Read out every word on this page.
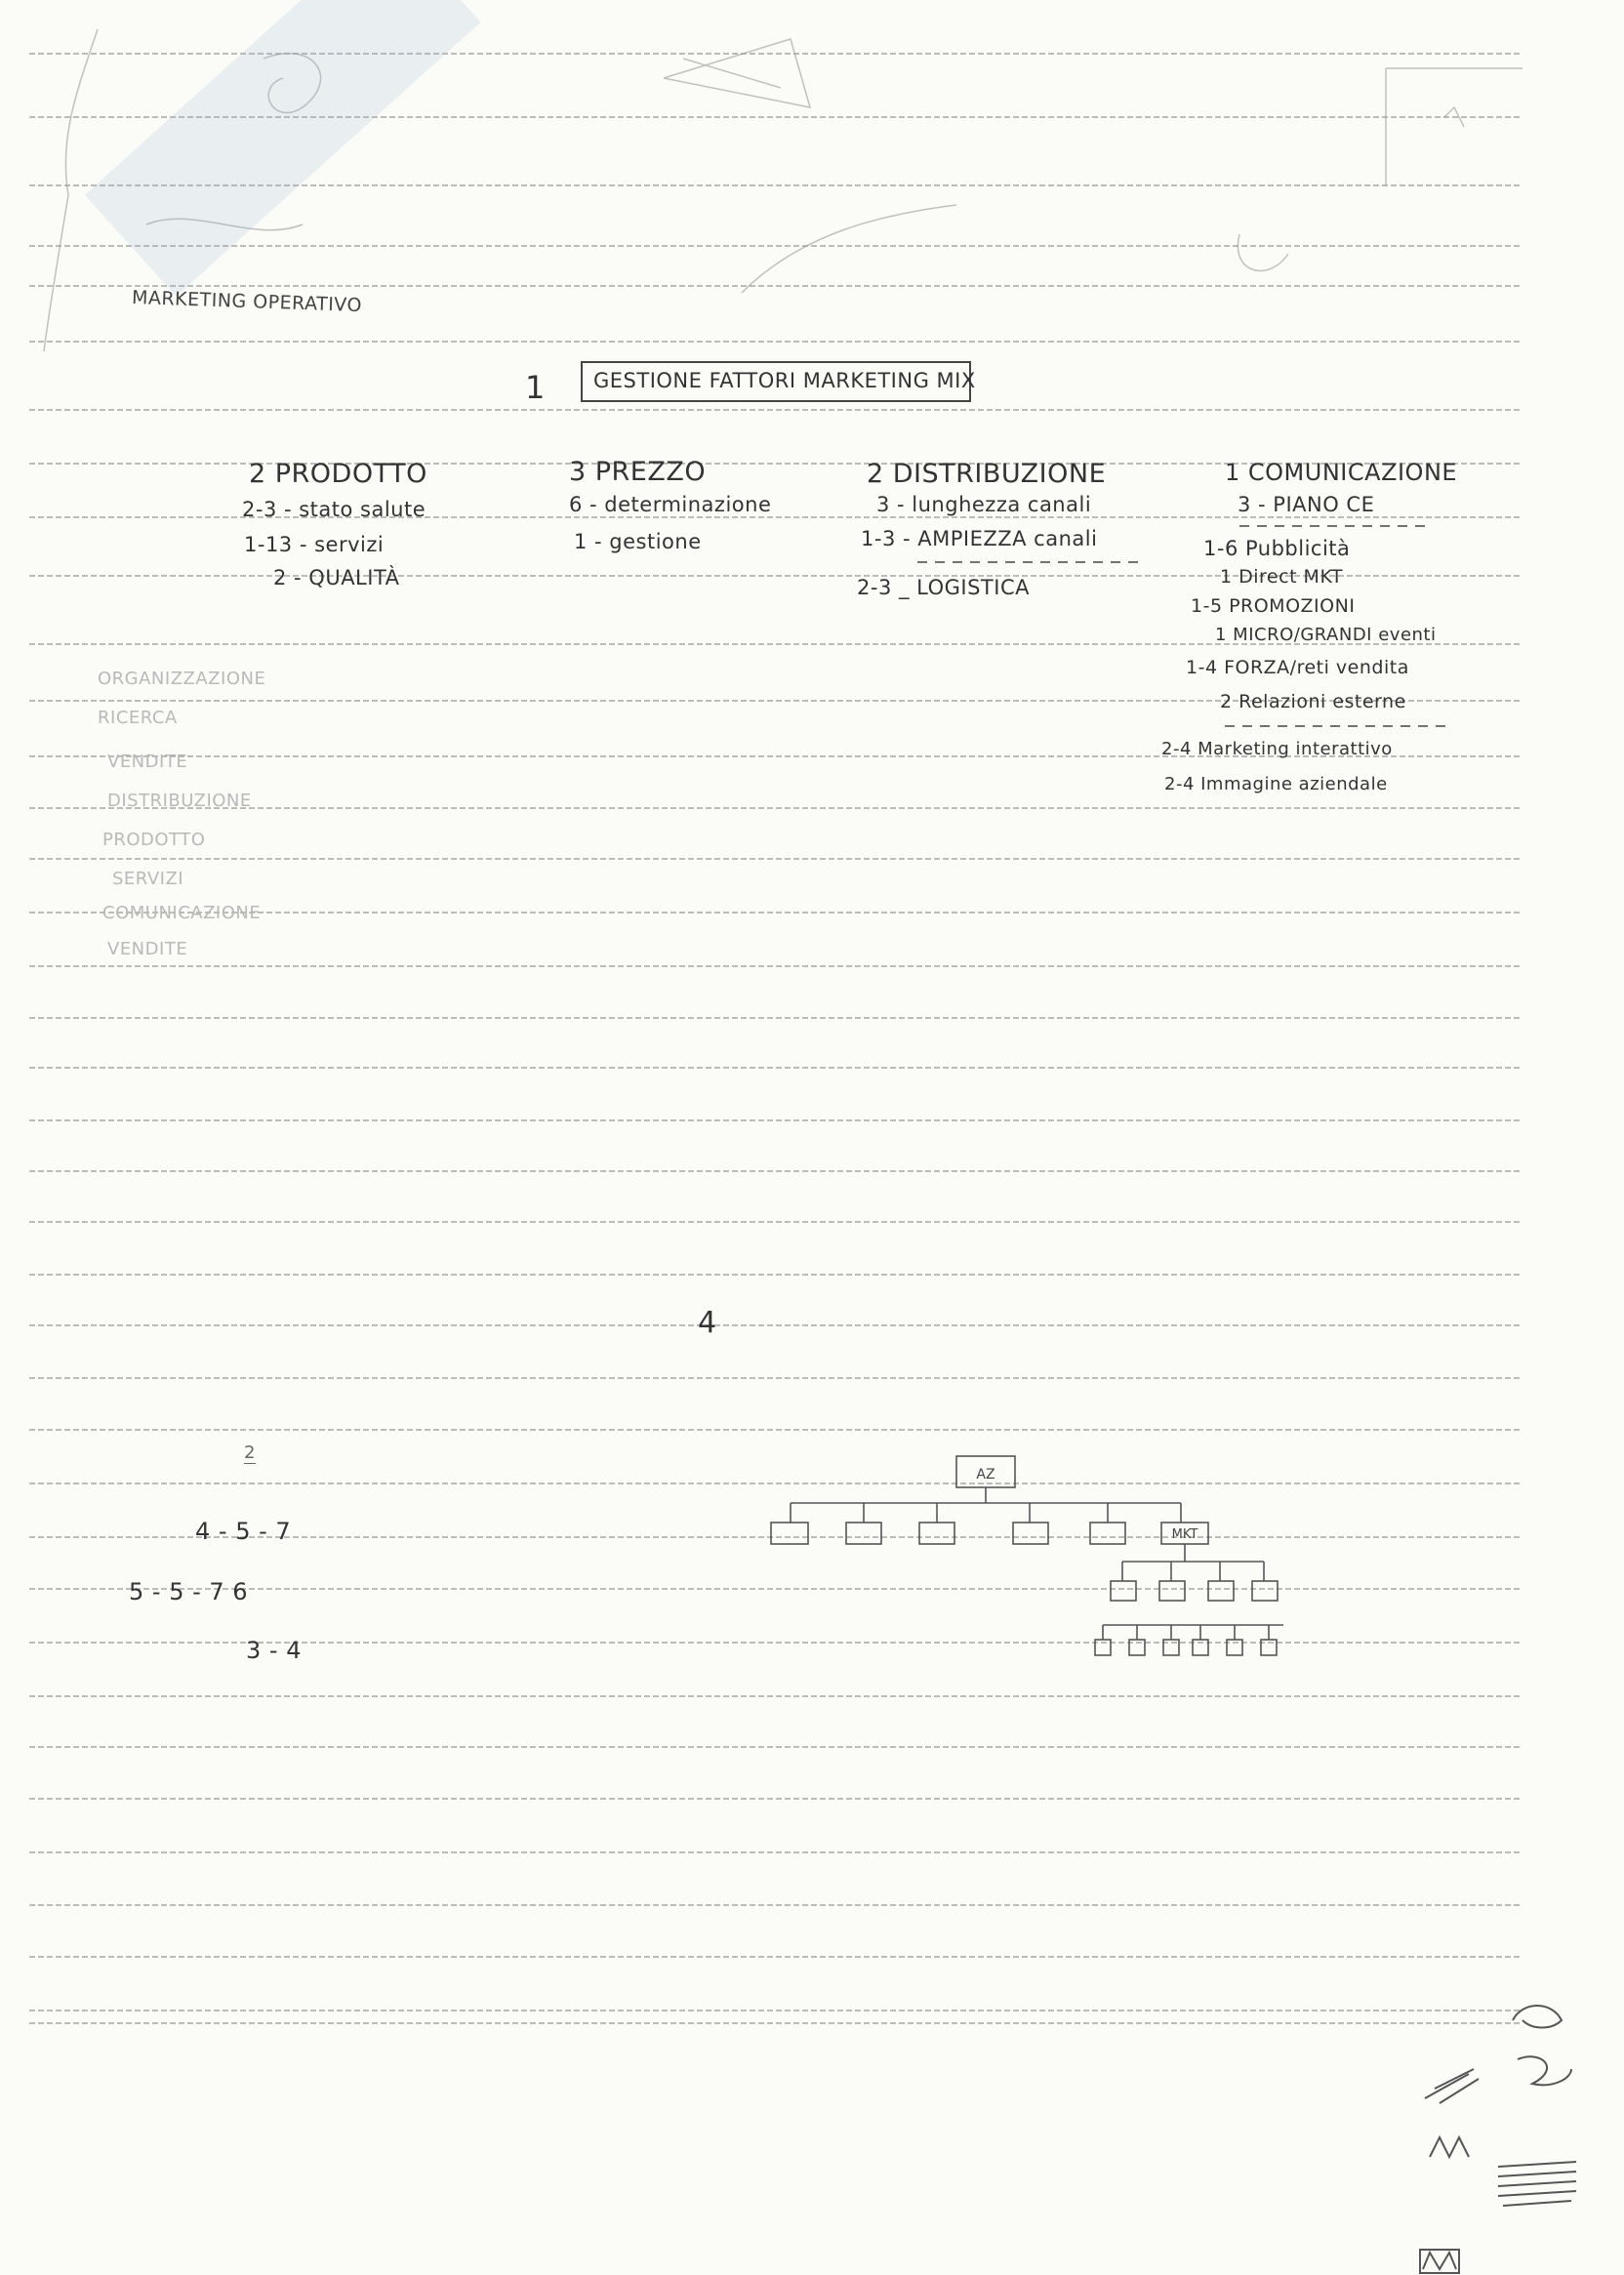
MARKETING OPERATIVO
1 GESTIONE FATTORI MARKETING MIX
2 PRODOTTO
2-3 - stato salute
1-13 - servizi
2 - QUALITÀ
3 PREZZO
6 - determinazione
1 - gestione
2 DISTRIBUZIONE
3 - lunghezza canali
1-3 - AMPIEZZA canali
2-3 _ LOGISTICA
1 COMUNICAZIONE
3 - PIANO CE
1-6 Pubblicità
1 Direct MKT
1-5 PROMOZIONI
1 MICRO/GRANDI eventi
1-4 FORZA/reti vendita
2 Relazioni esterne
2-4 Marketing interattivo
2-4 Immagine aziendale
ORGANIZZAZIONE
RICERCA
VENDITE
DISTRIBUZIONE
PRODOTTO
SERVIZI
COMUNICAZIONE
VENDITE
4
2
4 - 5 - 7
5 - 5 - 7 6
3 - 4
AZ
MKT
